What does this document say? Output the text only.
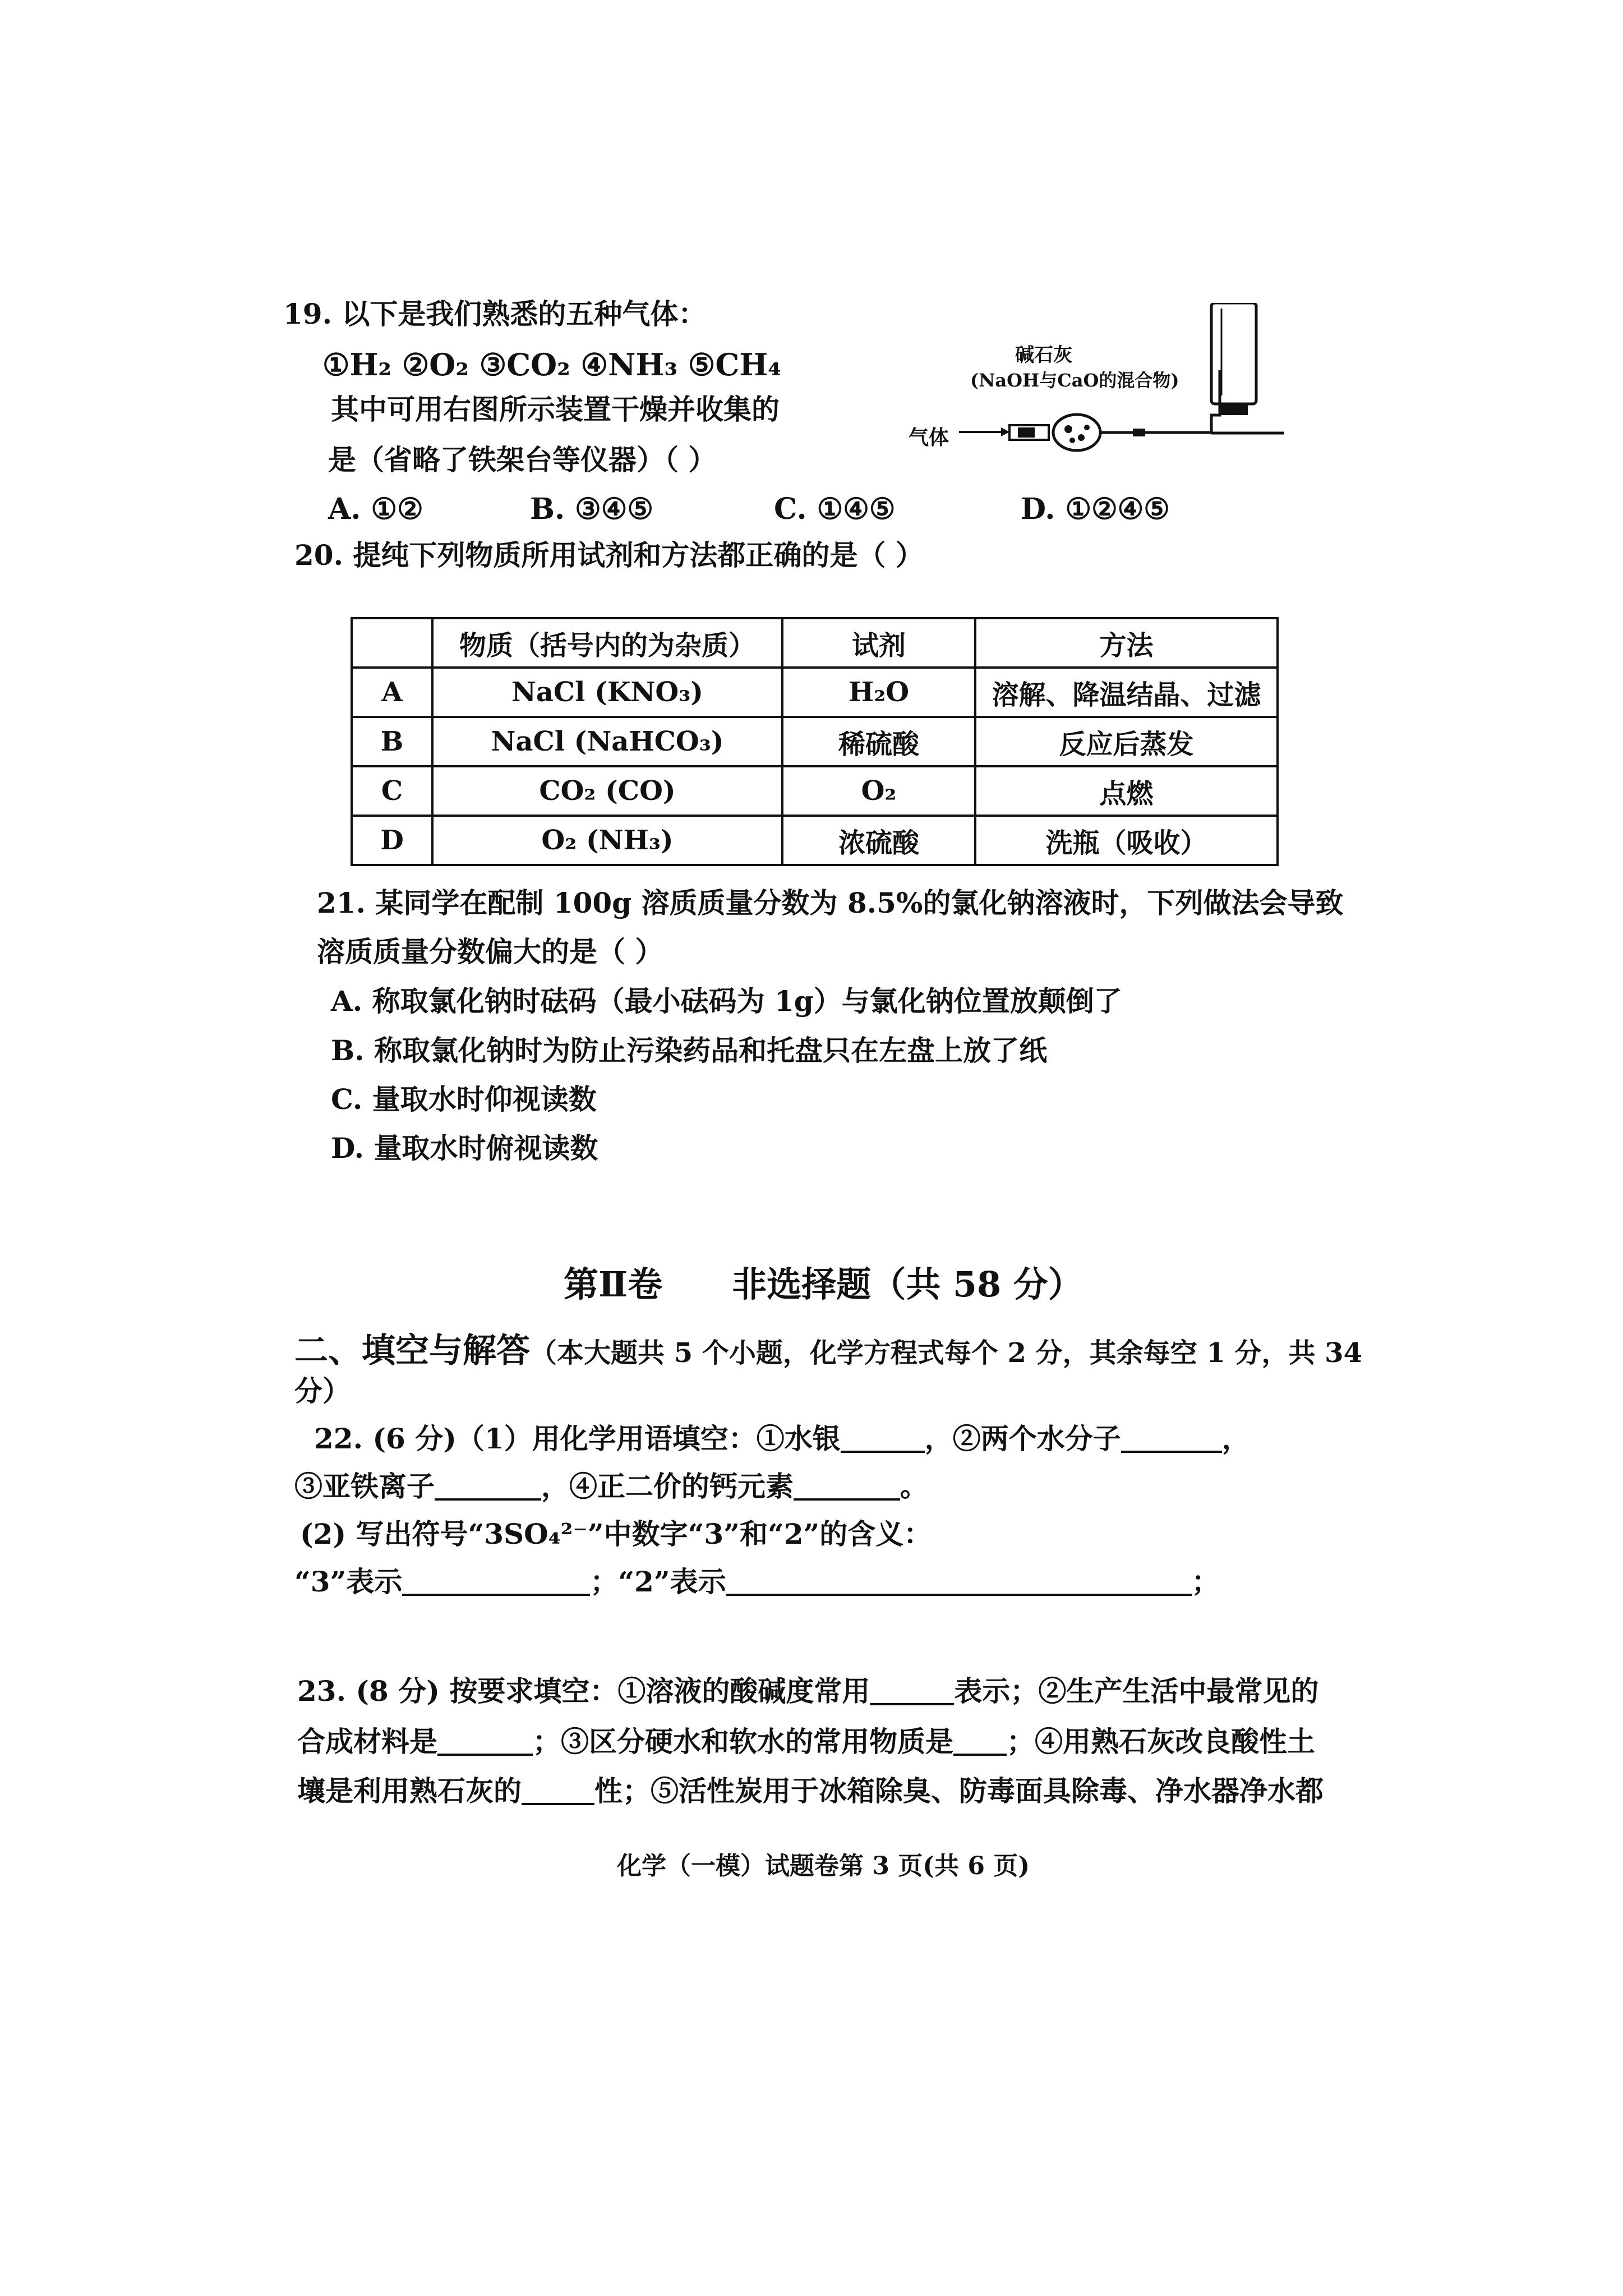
19. 以下是我们熟悉的五种气体：
①H₂ ②O₂ ③CO₂ ④NH₃ ⑤CH₄
其中可用右图所示装置干燥并收集的
是（省略了铁架台等仪器）（ ）
A. ①②	B. ③④⑤	C. ①④⑤	D. ①②④⑤
碱石灰
(NaOH与CaO的混合物)
气体
20. 提纯下列物质所用试剂和方法都正确的是（ ）
	物质（括号内的为杂质）	试剂	方法
A	NaCl (KNO₃)	H₂O	溶解、降温结晶、过滤
B	NaCl (NaHCO₃)	稀硫酸	反应后蒸发
C	CO₂ (CO)	O₂	点燃
D	O₂ (NH₃)	浓硫酸	洗瓶（吸收）
21. 某同学在配制 100g 溶质质量分数为 8.5%的氯化钠溶液时，下列做法会导致
溶质质量分数偏大的是（ ）
A. 称取氯化钠时砝码（最小砝码为 1g）与氯化钠位置放颠倒了
B. 称取氯化钠时为防止污染药品和托盘只在左盘上放了纸
C. 量取水时仰视读数
D. 量取水时俯视读数
第Ⅱ卷　　非选择题（共 58 分）
二、填空与解答（本大题共 5 个小题，化学方程式每个 2 分，其余每空 1 分，共 34
分）
22. (6 分)（1）用化学用语填空：①水银	，②两个水分子	，
③亚铁离子	，④正二价的钙元素	。
(2) 写出符号“3SO₄²⁻”中数字“3”和“2”的含义：
“3”表示	；“2”表示	；
23. (8 分) 按要求填空：①溶液的酸碱度常用	表示；②生产生活中最常见的
合成材料是	；③区分硬水和软水的常用物质是 ；④用熟石灰改良酸性土
壤是利用熟石灰的	性；⑤活性炭用于冰箱除臭、防毒面具除毒、净水器净水都
化学（一模）试题卷第 3 页(共 6 页)
